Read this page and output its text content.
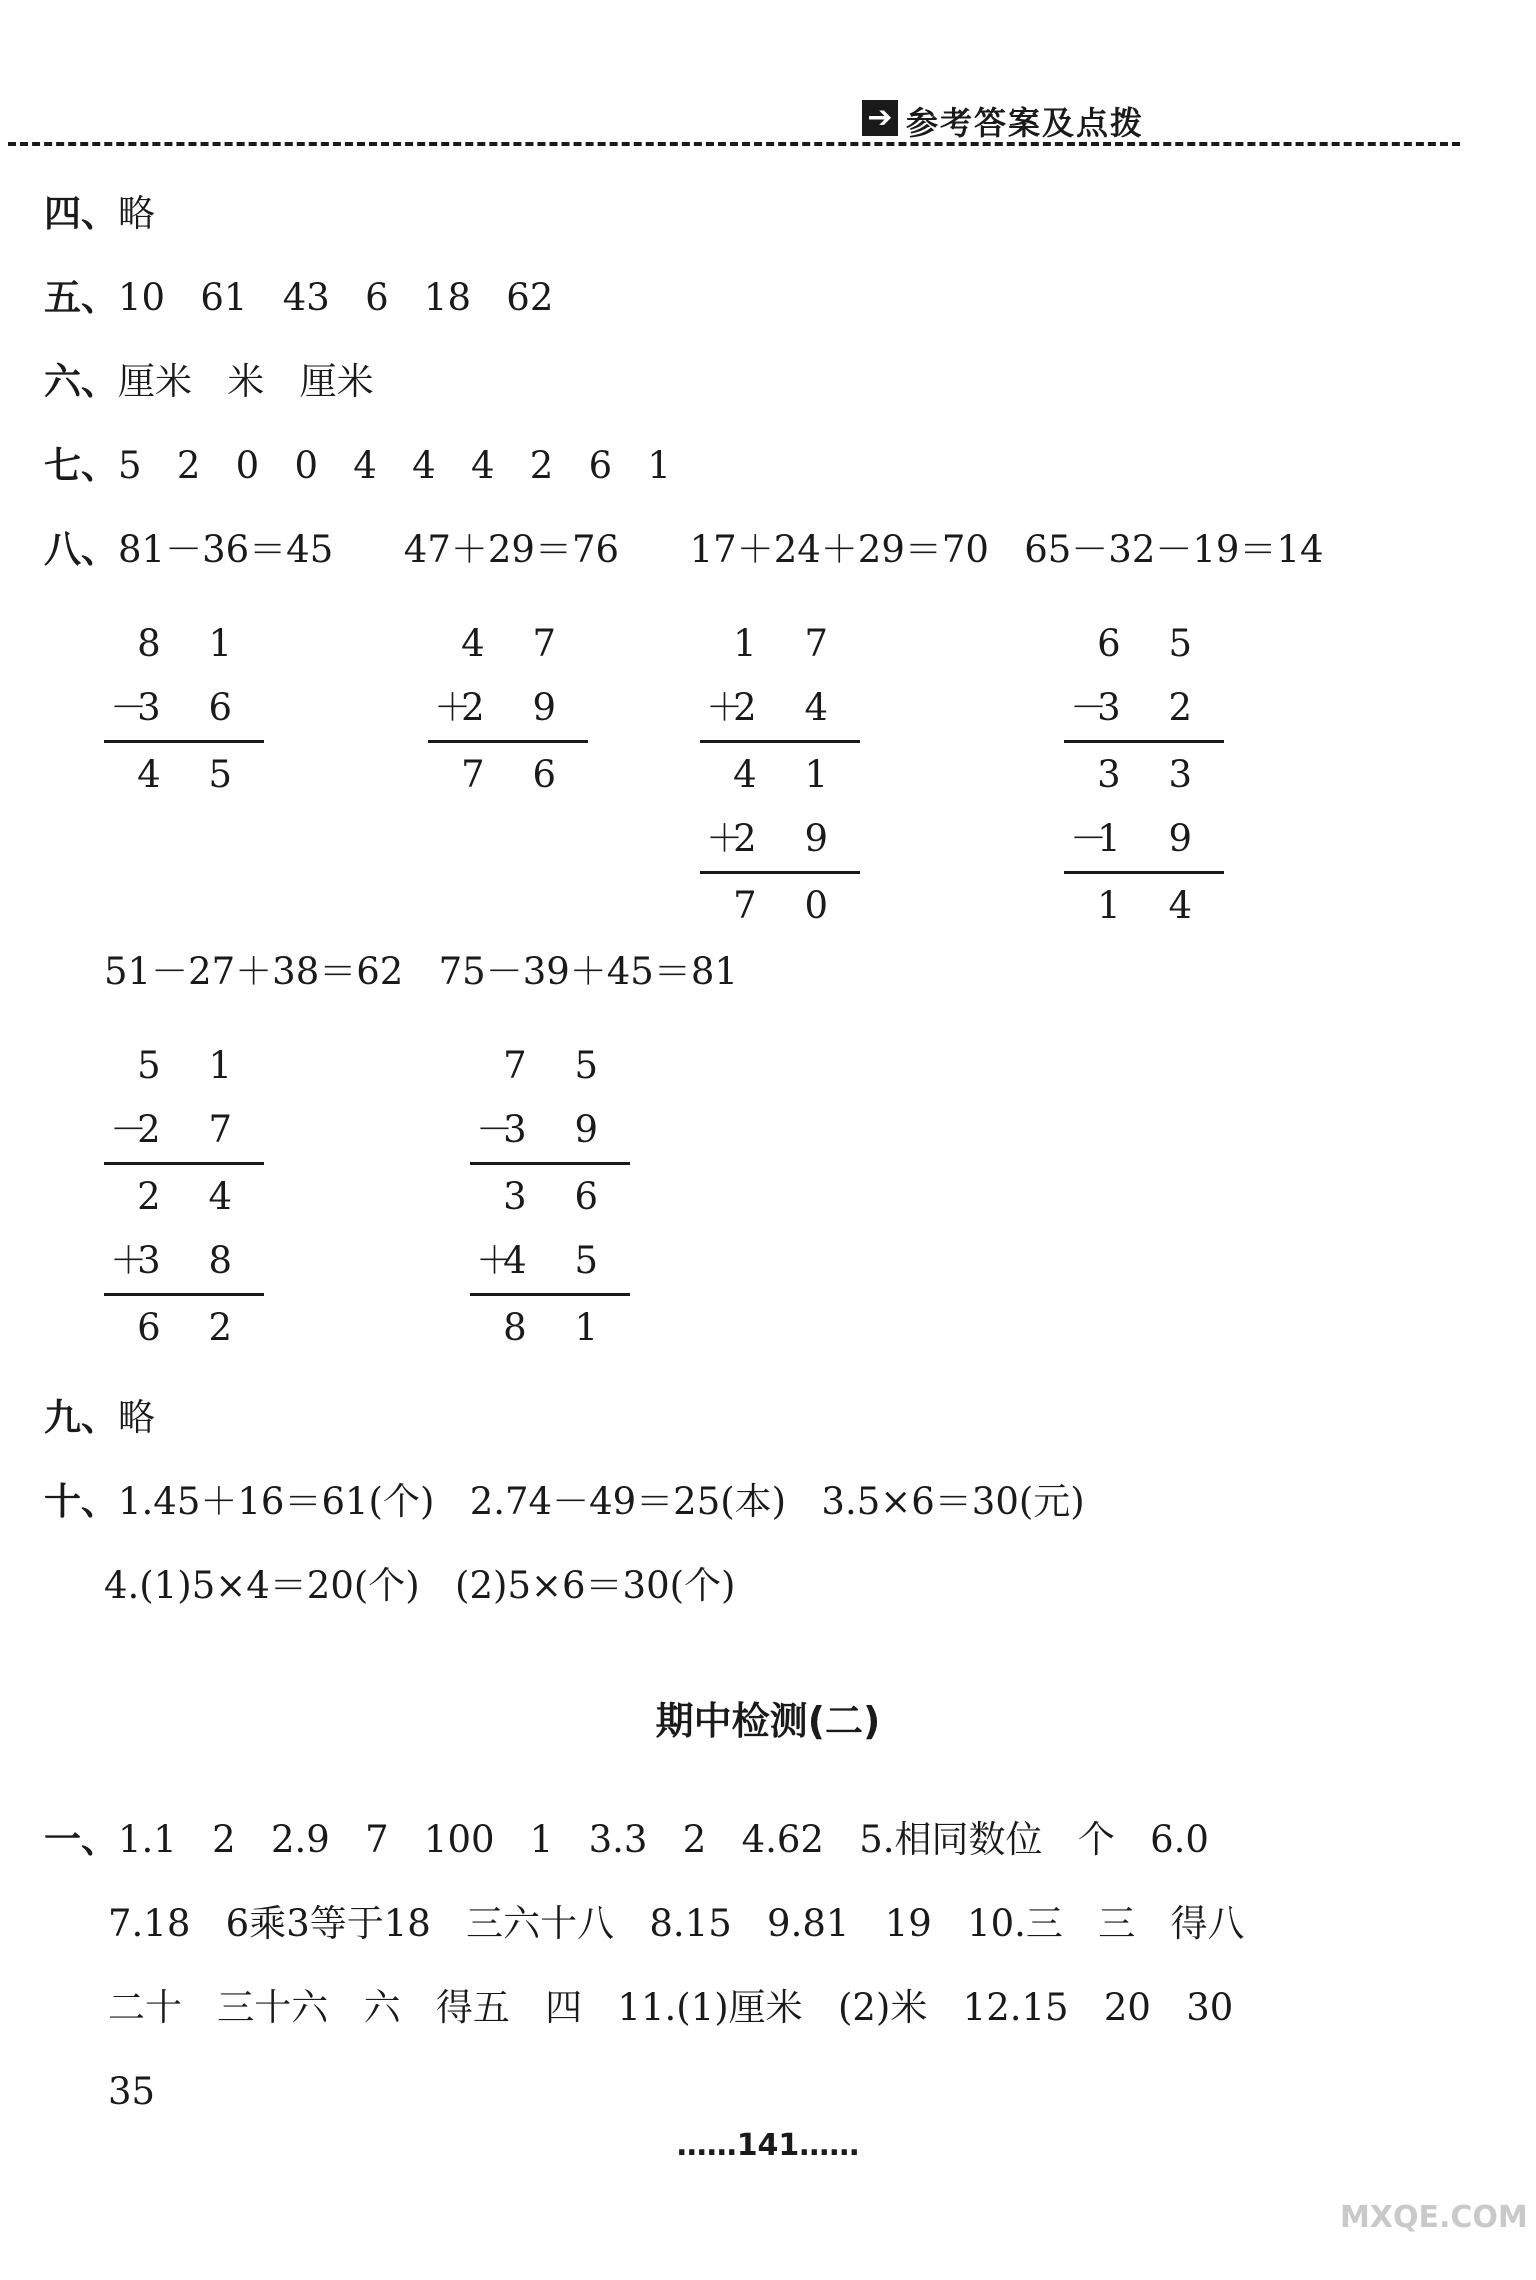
➔ 参考答案及点拨
四、略
五、10   61   43   6   18   62
六、厘米   米   厘米
七、5   2   0   0   4   4   4   2   6   1
八、81－36＝45      47＋29＝76      17＋24＋29＝70   65－32－19＝14
8 1
－
3 6
4 5
4 7
＋
2 9
7 6
1 7
＋
2 4
4 1
＋
2 9
7 0
6 5
－
3 2
3 3
－
1 9
1 4
51－27＋38＝62   75－39＋45＝81
5 1
－
2 7
2 4
＋
3 8
6 2
7 5
－
3 9
3 6
＋
4 5
8 1
九、略
十、1.45＋16＝61(个)   2.74－49＝25(本)   3.5×6＝30(元)
4.(1)5×4＝20(个)   (2)5×6＝30(个)
期中检测(二)
一、1.1   2   2.9   7   100   1   3.3   2   4.62   5.相同数位   个   6.0
7.18   6乘3等于18   三六十八   8.15   9.81   19   10.三   三   得八
二十   三十六   六   得五   四   11.(1)厘米   (2)米   12.15   20   30
35
……141……
MXQE.COM
